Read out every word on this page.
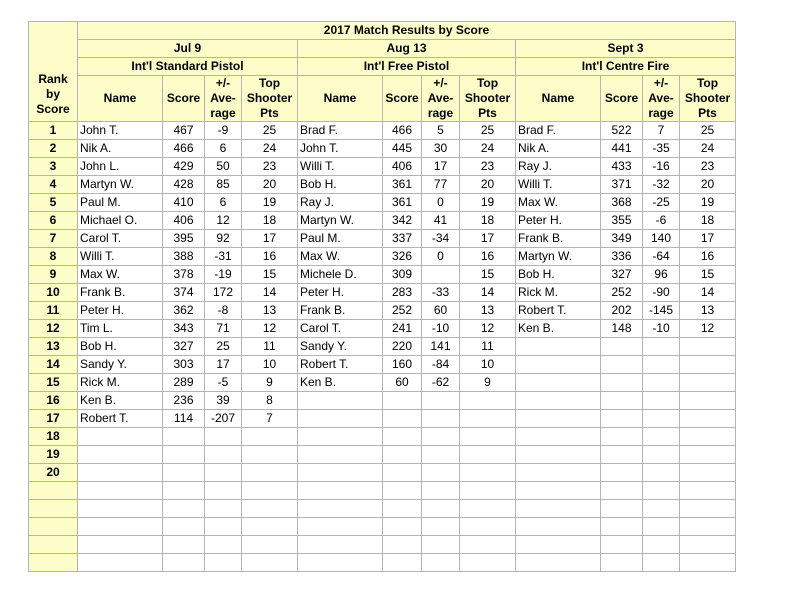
Rank
by
Score	2017 Match Results by Score											
	Jul 9				Aug 13				Sept 3			
	Int'l Standard Pistol				Int'l Free Pistol				Int'l Centre Fire			
	Name	Score	+/-
Ave-
rage	Top
Shooter
Pts	Name	Score	+/-
Ave-
rage	Top
Shooter
Pts	Name	Score	+/-
Ave-
rage	Top
Shooter
Pts
1	John T.	467	-9	25	Brad F.	466	5	25	Brad F.	522	7	25
2	Nik A.	466	6	24	John T.	445	30	24	Nik A.	441	-35	24
3	John L.	429	50	23	Willi T.	406	17	23	Ray J.	433	-16	23
4	Martyn W.	428	85	20	Bob H.	361	77	20	Willi T.	371	-32	20
5	Paul M.	410	6	19	Ray J.	361	0	19	Max W.	368	-25	19
6	Michael O.	406	12	18	Martyn W.	342	41	18	Peter H.	355	-6	18
7	Carol T.	395	92	17	Paul M.	337	-34	17	Frank B.	349	140	17
8	Willi T.	388	-31	16	Max W.	326	0	16	Martyn W.	336	-64	16
9	Max W.	378	-19	15	Michele D.	309		15	Bob H.	327	96	15
10	Frank B.	374	172	14	Peter H.	283	-33	14	Rick M.	252	-90	14
11	Peter H.	362	-8	13	Frank B.	252	60	13	Robert T.	202	-145	13
12	Tim L.	343	71	12	Carol T.	241	-10	12	Ken B.	148	-10	12
13	Bob H.	327	25	11	Sandy Y.	220	141	11				
14	Sandy Y.	303	17	10	Robert T.	160	-84	10				
15	Rick M.	289	-5	9	Ken B.	60	-62	9				
16	Ken B.	236	39	8								
17	Robert T.	114	-207	7								
18												
19												
20												
